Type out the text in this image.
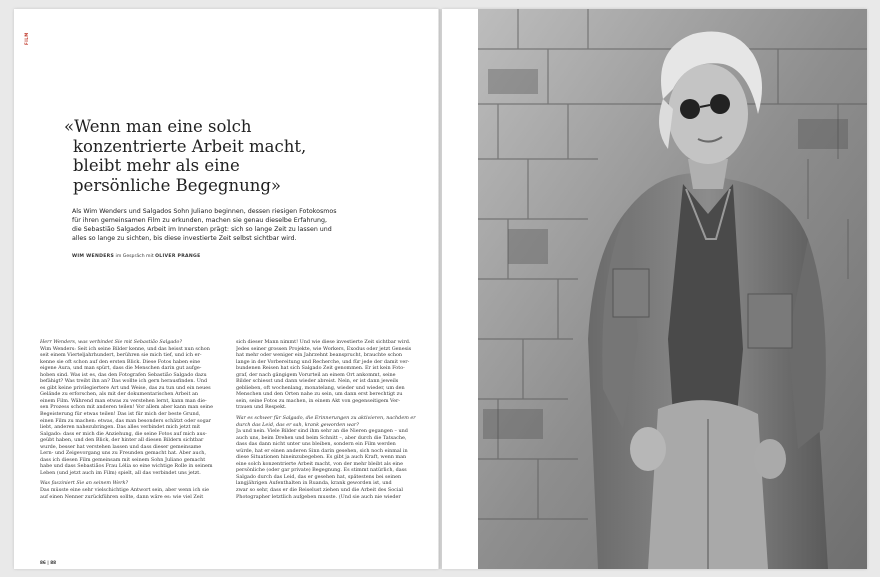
FILM
«Wenn man eine solch
konzentrierte Arbeit macht,
bleibt mehr als eine
persönliche Begegnung»

Als Wim Wenders und Salgados Sohn Juliano beginnen, dessen riesigen Fotokosmos
für ihren gemeinsamen Film zu erkunden, machen sie genau dieselbe Erfahrung,
die Sebastião Salgados Arbeit im Innersten prägt: sich so lange Zeit zu lassen und
alles so lange zu sichten, bis diese investierte Zeit selbst sichtbar wird.

WIM WENDERS im Gespräch mit OLIVER PRANGE
Herr Wenders, was verbindet Sie mit Sebastião Salgado?
Wim Wenders: Seit ich seine Bilder kenne, und das heisst nun schon
seit einem Vierteljahrhundert, berühren sie mich tief, und ich er-
kenne sie oft schon auf den ersten Blick. Diese Fotos haben eine
eigene Aura, und man spürt, dass die Menschen darin gut aufge-
hoben sind. Was ist es, das den Fotografen Sebastião Salgado dazu
befähigt? Was treibt ihn an? Das wollte ich gern herausfinden. Und
es gibt keine privilegiertere Art und Weise, das zu tun und ein neues
Gelände zu erforschen, als mit der dokumentarischen Arbeit an
einem Film. Während man etwas zu verstehen lernt, kann man die-
sen Prozess schon mit anderen teilen! Vor allem aber kann man seine
Begeisterung für etwas teilen! Das ist für mich der beste Grund,
einen Film zu machen: etwas, das man besonders schätzt oder sogar
liebt, anderen nahezubringen. Das alles verbindet mich jetzt mit
Salgado: dass er mich die Anziehung, die seine Fotos auf mich aus-
geübt haben, und den Blick, der hinter all diesen Bildern sichtbar
wurde, besser hat verstehen lassen und dass dieser gemeinsame
Lern- und Zeigevorgang uns zu Freunden gemacht hat. Aber auch,
dass ich diesen Film gemeinsam mit seinem Sohn Juliano gemacht
habe und dass Sebastiãos Frau Lélia so eine wichtige Rolle in seinem
Leben (und jetzt auch im Film) spielt, all das verbindet uns jetzt.
Was fasziniert Sie an seinem Werk?
Das müsste eine sehr vielschichtige Antwort sein, aber wenn ich sie
auf einen Nenner zurückführen sollte, dann wäre es: wie viel Zeit
sich dieser Mann nimmt! Und wie diese investierte Zeit sichtbar wird.
Jedes seiner grossen Projekte, wie Workers, Exodus oder jetzt Genesis
hat mehr oder weniger ein Jahrzehnt beansprucht, brauchte schon
lange in der Vorbereitung und Recherche, und für jede der damit ver-
bundenen Reisen hat sich Salgado Zeit genommen. Er ist kein Foto-
graf, der nach gängigem Vorurteil an einem Ort ankommt, seine
Bilder schiesst und dann wieder abreist. Nein, er ist dann jeweils
geblieben, oft wochenlang, monatelang, wieder und wieder, um den
Menschen und den Orten nahe zu sein, um dann erst berechtigt zu
sein, seine Fotos zu machen, in einem Akt von gegenseitigem Ver-
trauen und Respekt.
War es schwer für Salgado, die Erinnerungen zu aktivieren, nachdem er
durch das Leid, das er sah, krank geworden war?
Ja und nein. Viele Bilder sind ihm sehr an die Nieren gegangen – und
auch uns, beim Drehen und beim Schnitt –, aber durch die Tatsache,
dass das dann nicht unter uns bleiben, sondern ein Film werden
würde, hat er einen anderen Sinn darin gesehen, sich noch einmal in
diese Situationen hineinzubegeben. Es gibt ja auch Kraft, wenn man
eine solch konzentrierte Arbeit macht, von der mehr bleibt als eine
persönliche (oder gar private) Begegnung. Es stimmt natürlich, dass
Salgado durch das Leid, das er gesehen hat, spätestens bei seinen
langjährigen Aufenthalten in Ruanda, krank geworden ist, und
zwar so sehr, dass er die Reiselust ziehen und die Arbeit des Social
Photographer letztlich aufgeben musste. (Und sie auch nie wieder
86 | 88
